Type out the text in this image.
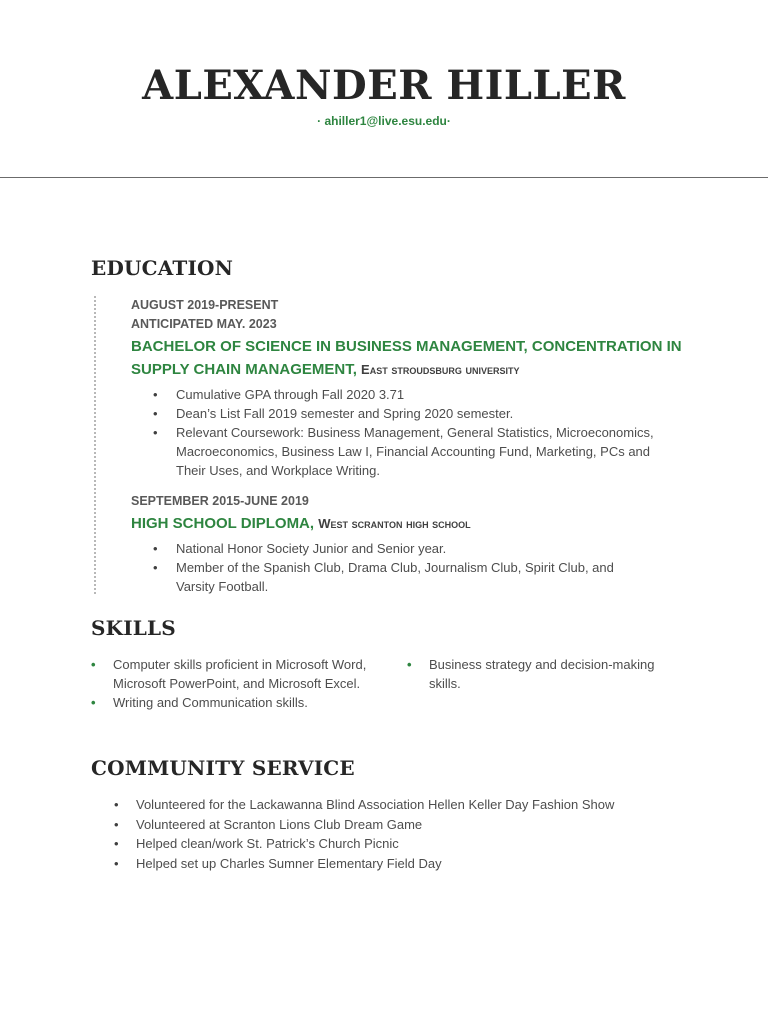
ALEXANDER HILLER
· ahiller1@live.esu.edu·
EDUCATION
AUGUST 2019-PRESENT
ANTICIPATED MAY. 2023
BACHELOR OF SCIENCE IN BUSINESS MANAGEMENT, CONCENTRATION IN SUPPLY CHAIN MANAGEMENT, East stroudsburg university
• Cumulative GPA through Fall 2020 3.71
• Dean’s List Fall 2019 semester and Spring 2020 semester.
• Relevant Coursework: Business Management, General Statistics, Microeconomics, Macroeconomics, Business Law I, Financial Accounting Fund, Marketing, PCs and Their Uses, and Workplace Writing.
SEPTEMBER 2015-JUNE 2019
HIGH SCHOOL DIPLOMA, West scranton high school
• National Honor Society Junior and Senior year.
• Member of the Spanish Club, Drama Club, Journalism Club, Spirit Club, and Varsity Football.
SKILLS
• Computer skills proficient in Microsoft Word, Microsoft PowerPoint, and Microsoft Excel.
• Writing and Communication skills.
• Business strategy and decision-making skills.
COMMUNITY SERVICE
• Volunteered for the Lackawanna Blind Association Hellen Keller Day Fashion Show
• Volunteered at Scranton Lions Club Dream Game
• Helped clean/work St. Patrick’s Church Picnic
• Helped set up Charles Sumner Elementary Field Day
